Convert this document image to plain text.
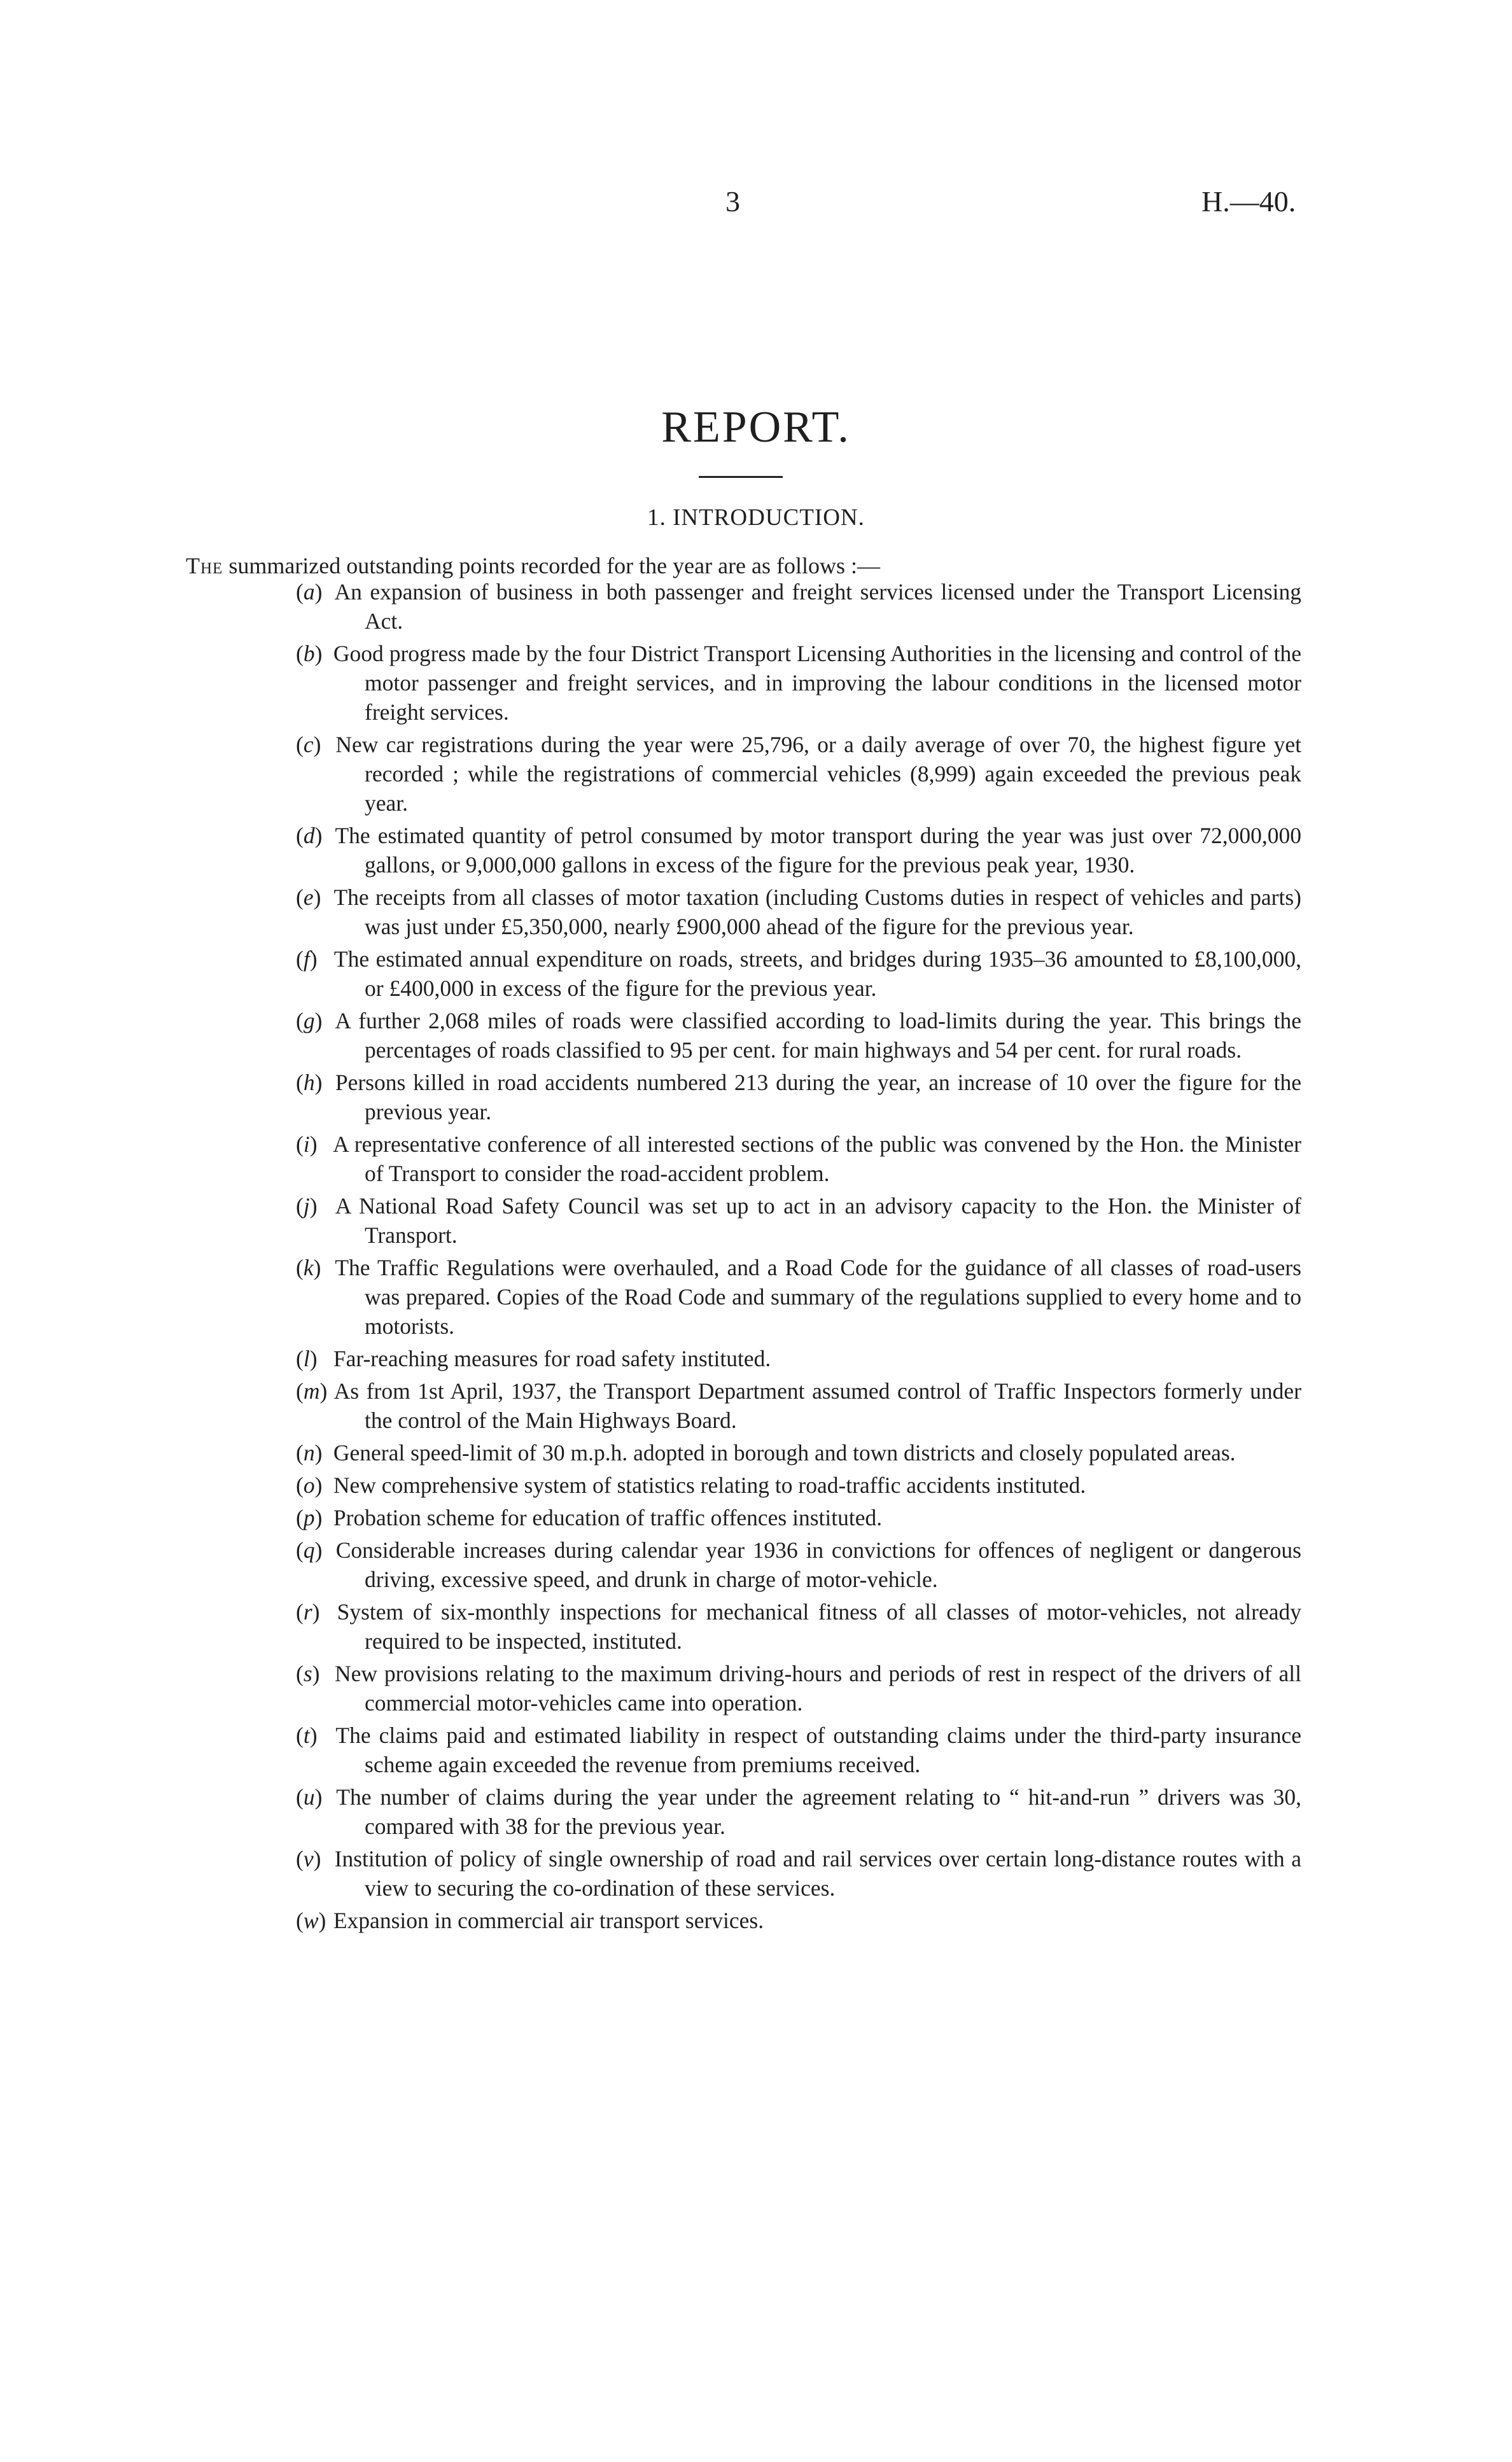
3	H.—40.
REPORT.
1. INTRODUCTION.

The summarized outstanding points recorded for the year are as follows :—

(a) An expansion of business in both passenger and freight services licensed under the Transport Licensing Act.
(b) Good progress made by the four District Transport Licensing Authorities in the licensing and control of the motor passenger and freight services, and in improving the labour conditions in the licensed motor freight services.
(c) New car registrations during the year were 25,796, or a daily average of over 70, the highest figure yet recorded ; while the registrations of commercial vehicles (8,999) again exceeded the previous peak year.
(d) The estimated quantity of petrol consumed by motor transport during the year was just over 72,000,000 gallons, or 9,000,000 gallons in excess of the figure for the previous peak year, 1930.
(e) The receipts from all classes of motor taxation (including Customs duties in respect of vehicles and parts) was just under £5,350,000, nearly £900,000 ahead of the figure for the previous year.
(f) The estimated annual expenditure on roads, streets, and bridges during 1935–36 amounted to £8,100,000, or £400,000 in excess of the figure for the previous year.
(g) A further 2,068 miles of roads were classified according to load-limits during the year. This brings the percentages of roads classified to 95 per cent. for main highways and 54 per cent. for rural roads.
(h) Persons killed in road accidents numbered 213 during the year, an increase of 10 over the figure for the previous year.
(i) A representative conference of all interested sections of the public was convened by the Hon. the Minister of Transport to consider the road-accident problem.
(j) A National Road Safety Council was set up to act in an advisory capacity to the Hon. the Minister of Transport.
(k) The Traffic Regulations were overhauled, and a Road Code for the guidance of all classes of road-users was prepared. Copies of the Road Code and summary of the regulations supplied to every home and to motorists.
(l) Far-reaching measures for road safety instituted.
(m) As from 1st April, 1937, the Transport Department assumed control of Traffic Inspectors formerly under the control of the Main Highways Board.
(n) General speed-limit of 30 m.p.h. adopted in borough and town districts and closely populated areas.
(o) New comprehensive system of statistics relating to road-traffic accidents instituted.
(p) Probation scheme for education of traffic offences instituted.
(q) Considerable increases during calendar year 1936 in convictions for offences of negligent or dangerous driving, excessive speed, and drunk in charge of motor-vehicle.
(r) System of six-monthly inspections for mechanical fitness of all classes of motor-vehicles, not already required to be inspected, instituted.
(s) New provisions relating to the maximum driving-hours and periods of rest in respect of the drivers of all commercial motor-vehicles came into operation.
(t) The claims paid and estimated liability in respect of outstanding claims under the third-party insurance scheme again exceeded the revenue from premiums received.
(u) The number of claims during the year under the agreement relating to “ hit-and-run ” drivers was 30, compared with 38 for the previous year.
(v) Institution of policy of single ownership of road and rail services over certain long-distance routes with a view to securing the co-ordination of these services.
(w) Expansion in commercial air transport services.
